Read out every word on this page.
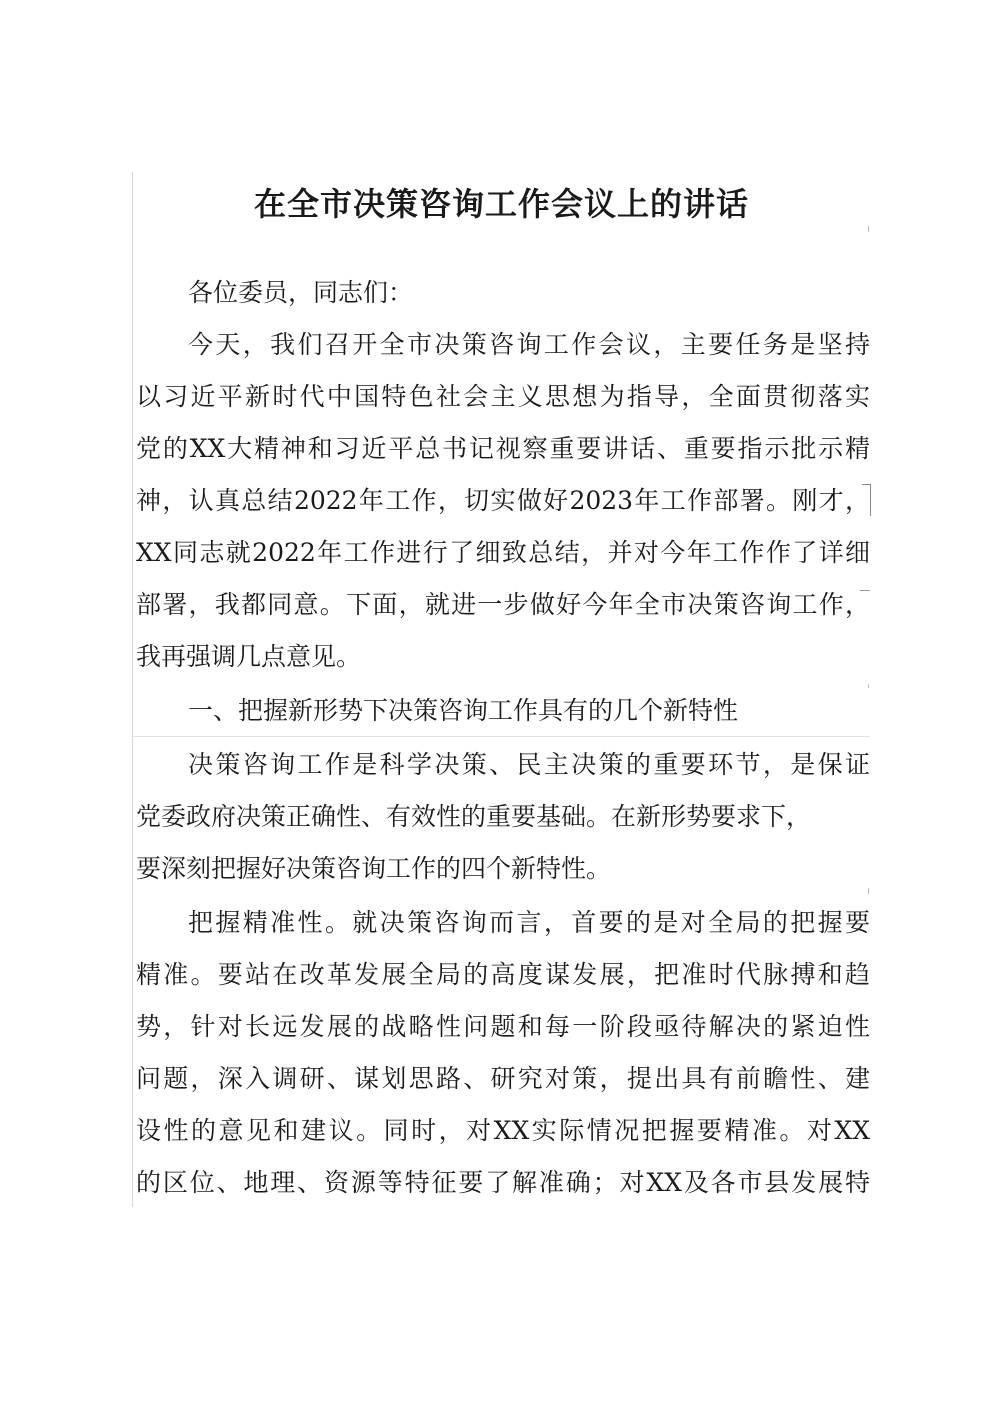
在全市决策咨询工作会议上的讲话
各位委员，同志们：
今天，我们召开全市决策咨询工作会议，主要任务是坚持
以习近平新时代中国特色社会主义思想为指导，全面贯彻落实
党的XX大精神和习近平总书记视察重要讲话、重要指示批示精
神，认真总结2022年工作，切实做好2023年工作部署。刚才，
XX同志就2022年工作进行了细致总结，并对今年工作作了详细
部署，我都同意。下面，就进一步做好今年全市决策咨询工作，
我再强调几点意见。
一、把握新形势下决策咨询工作具有的几个新特性
决策咨询工作是科学决策、民主决策的重要环节，是保证
党委政府决策正确性、有效性的重要基础。在新形势要求下，
要深刻把握好决策咨询工作的四个新特性。
把握精准性。就决策咨询而言，首要的是对全局的把握要
精准。要站在改革发展全局的高度谋发展，把准时代脉搏和趋
势，针对长远发展的战略性问题和每一阶段亟待解决的紧迫性
问题，深入调研、谋划思路、研究对策，提出具有前瞻性、建
设性的意见和建议。同时，对XX实际情况把握要精准。对XX
的区位、地理、资源等特征要了解准确；对XX及各市县发展特
